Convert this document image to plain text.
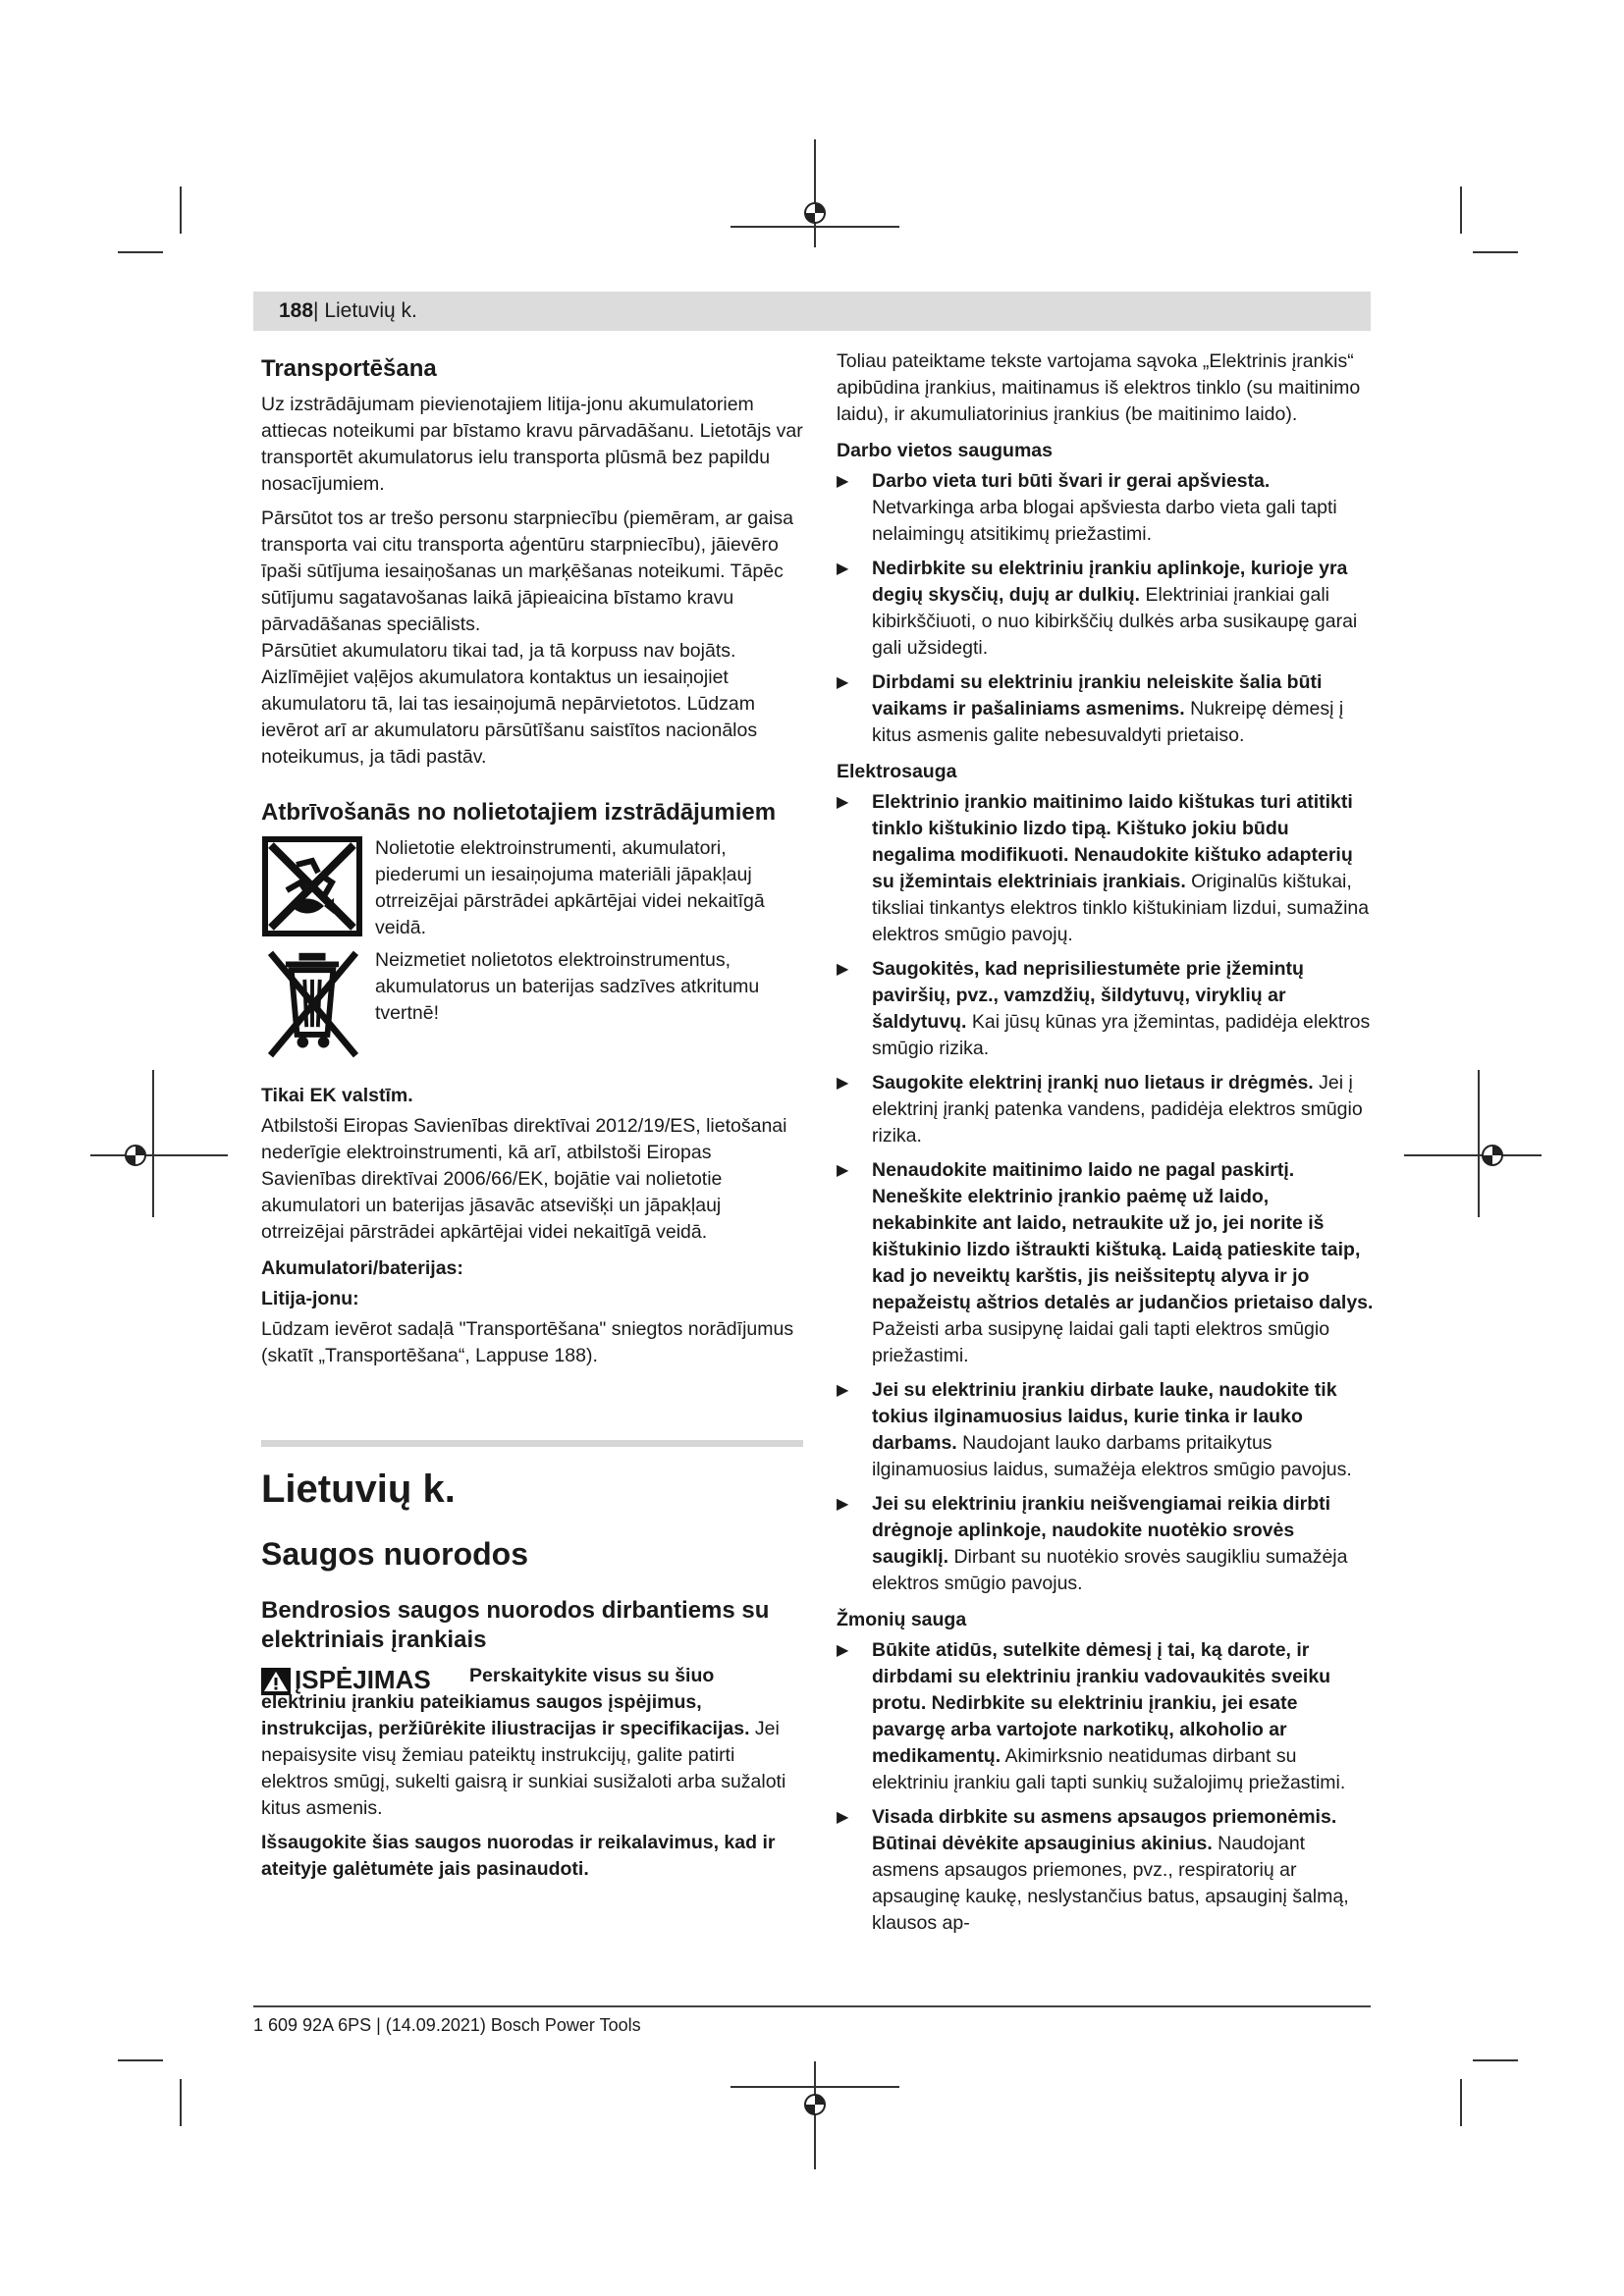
188| Lietuvių k.
Transportēšana

Uz izstrādājumam pievienotajiem litija-jonu akumulatoriem attiecas noteikumi par bīstamo kravu pārvadāšanu. Lietotājs var transportēt akumulatorus ielu transporta plūsmā bez papildu nosacījumiem.

Pārsūtot tos ar trešo personu starpniecību (piemēram, ar gaisa transporta vai citu transporta aģentūru starpniecību), jāievēro īpaši sūtījuma iesaiņošanas un marķēšanas noteikumi. Tāpēc sūtījumu sagatavošanas laikā jāpieaicina bīstamo kravu pārvadāšanas speciālists.

Pārsūtiet akumulatoru tikai tad, ja tā korpuss nav bojāts. Aizlīmējiet vaļējos akumulatora kontaktus un iesaiņojiet akumulatoru tā, lai tas iesaiņojumā nepārvietotos. Lūdzam ievērot arī ar akumulatoru pārsūtīšanu saistītos nacionālos noteikumus, ja tādi pastāv.

Atbrīvošanās no nolietotajiem izstrādājumiem

Nolietotie elektroinstrumenti, akumulatori, piederumi un iesaiņojuma materiāli jāpakļauj otrreizējai pārstrādei apkārtējai videi nekaitīgā veidā.

Neizmetiet nolietotos elektroinstrumentus, akumulatorus un baterijas sadzīves atkritumu tvertnē!

Tikai EK valstīm.

Atbilstoši Eiropas Savienības direktīvai 2012/19/ES, lietošanai nederīgie elektroinstrumenti, kā arī, atbilstoši Eiropas Savienības direktīvai 2006/66/EK, bojātie vai nolietotie akumulatori un baterijas jāsavāc atsevišķi un jāpakļauj otrreizējai pārstrādei apkārtējai videi nekaitīgā veidā.

Akumulatori/baterijas:
Litija-jonu:

Lūdzam ievērot sadaļā "Transportēšana" sniegtos norādījumus (skatīt „Transportēšana“, Lappuse 188).

Lietuvių k.
Saugos nuorodos
Bendrosios saugos nuorodos dirbantiems su elektriniais įrankiais
ĮSPĖJIMAS	Perskaitykite visus su šiuo elektriniu įrankiu pateikiamus saugos įspėjimus, instrukcijas, peržiūrėkite iliustracijas ir specifikacijas. Jei nepaisysite visų žemiau pateiktų instrukcijų, galite patirti elektros smūgį, sukelti gaisrą ir sunkiai susižaloti arba sužaloti kitus asmenis.

Išsaugokite šias saugos nuorodas ir reikalavimus, kad ir ateityje galėtumėte jais pasinaudoti.

Toliau pateiktame tekste vartojama sąvoka „Elektrinis įrankis“ apibūdina įrankius, maitinamus iš elektros tinklo (su maitinimo laidu), ir akumuliatorinius įrankius (be maitinimo laido).

Darbo vietos saugumas
▶ Darbo vieta turi būti švari ir gerai apšviesta. Netvarkinga arba blogai apšviesta darbo vieta gali tapti nelaimingų atsitikimų priežastimi.
▶ Nedirbkite su elektriniu įrankiu aplinkoje, kurioje yra degių skysčių, dujų ar dulkių. Elektriniai įrankiai gali kibirkščiuoti, o nuo kibirkščių dulkės arba susikaupę garai gali užsidegti.
▶ Dirbdami su elektriniu įrankiu neleiskite šalia būti vaikams ir pašaliniams asmenims. Nukreipę dėmesį į kitus asmenis galite nebesuvaldyti prietaiso.
Elektrosauga
▶ Elektrinio įrankio maitinimo laido kištukas turi atitikti tinklo kištukinio lizdo tipą. Kištuko jokiu būdu negalima modifikuoti. Nenaudokite kištuko adapterių su įžemintais elektriniais įrankiais. Originalūs kištukai, tiksliai tinkantys elektros tinklo kištukiniam lizdui, sumažina elektros smūgio pavojų.
▶ Saugokitės, kad neprisiliestumėte prie įžemintų paviršių, pvz., vamzdžių, šildytuvų, viryklių ar šaldytuvų. Kai jūsų kūnas yra įžemintas, padidėja elektros smūgio rizika.
▶ Saugokite elektrinį įrankį nuo lietaus ir drėgmės. Jei į elektrinį įrankį patenka vandens, padidėja elektros smūgio rizika.
▶ Nenaudokite maitinimo laido ne pagal paskirtį. Neneškite elektrinio įrankio paėmę už laido, nekabinkite ant laido, netraukite už jo, jei norite iš kištukinio lizdo ištraukti kištuką. Laidą patieskite taip, kad jo neveiktų karštis, jis neišsiteptų alyva ir jo nepažeistų aštrios detalės ar judančios prietaiso dalys. Pažeisti arba susipynę laidai gali tapti elektros smūgio priežastimi.
▶ Jei su elektriniu įrankiu dirbate lauke, naudokite tik tokius ilginamuosius laidus, kurie tinka ir lauko darbams. Naudojant lauko darbams pritaikytus ilginamuosius laidus, sumažėja elektros smūgio pavojus.
▶ Jei su elektriniu įrankiu neišvengiamai reikia dirbti drėgnoje aplinkoje, naudokite nuotėkio srovės saugiklį. Dirbant su nuotėkio srovės saugikliu sumažėja elektros smūgio pavojus.
Žmonių sauga
▶ Būkite atidūs, sutelkite dėmesį į tai, ką darote, ir dirbdami su elektriniu įrankiu vadovaukitės sveiku protu. Nedirbkite su elektriniu įrankiu, jei esate pavargę arba vartojote narkotikų, alkoholio ar medikamentų. Akimirksnio neatidumas dirbant su elektriniu įrankiu gali tapti sunkių sužalojimų priežastimi.
▶ Visada dirbkite su asmens apsaugos priemonėmis. Būtinai dėvėkite apsauginius akinius. Naudojant asmens apsaugos priemones, pvz., respiratorių ar apsauginę kaukę, neslystančius batus, apsauginį šalmą, klausos ap-
1 609 92A 6PS | (14.09.2021) Bosch Power Tools
